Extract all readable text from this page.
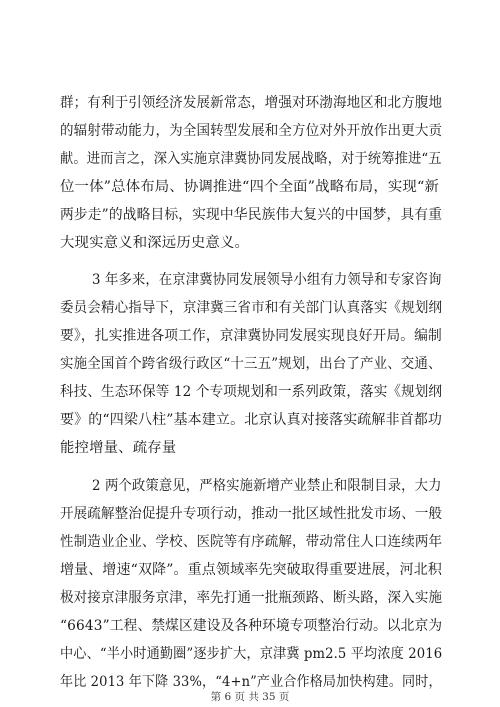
群；有利于引领经济发展新常态，增强对环渤海地区和北方腹地
的辐射带动能力，为全国转型发展和全方位对外开放作出更大贡
献。进而言之，深入实施京津冀协同发展战略，对于统筹推进“五
位一体”总体布局、协调推进“四个全面”战略布局，实现“新
两步走”的战略目标，实现中华民族伟大复兴的中国梦，具有重
大现实意义和深远历史意义。
3 年多来，在京津冀协同发展领导小组有力领导和专家咨询
委员会精心指导下，京津冀三省市和有关部门认真落实《规划纲
要》，扎实推进各项工作，京津冀协同发展实现良好开局。编制
实施全国首个跨省级行政区“十三五”规划，出台了产业、交通、
科技、生态环保等 12 个专项规划和一系列政策，落实《规划纲
要》的“四梁八柱”基本建立。北京认真对接落实疏解非首都功
能控增量、疏存量
2 两个政策意见，严格实施新增产业禁止和限制目录，大力
开展疏解整治促提升专项行动，推动一批区域性批发市场、一般
性制造业企业、学校、医院等有序疏解，带动常住人口连续两年
增量、增速“双降”。重点领域率先突破取得重要进展，河北积
极对接京津服务京津，率先打通一批瓶颈路、断头路，深入实施
“6643”工程、禁煤区建设及各种环境专项整治行动。以北京为
中心、“半小时通勤圈”逐步扩大，京津冀 pm2.5 平均浓度 2016
年比 2013 年下降 33%，“4+n”产业合作格局加快构建。同时，
第 6 页 共 35 页
